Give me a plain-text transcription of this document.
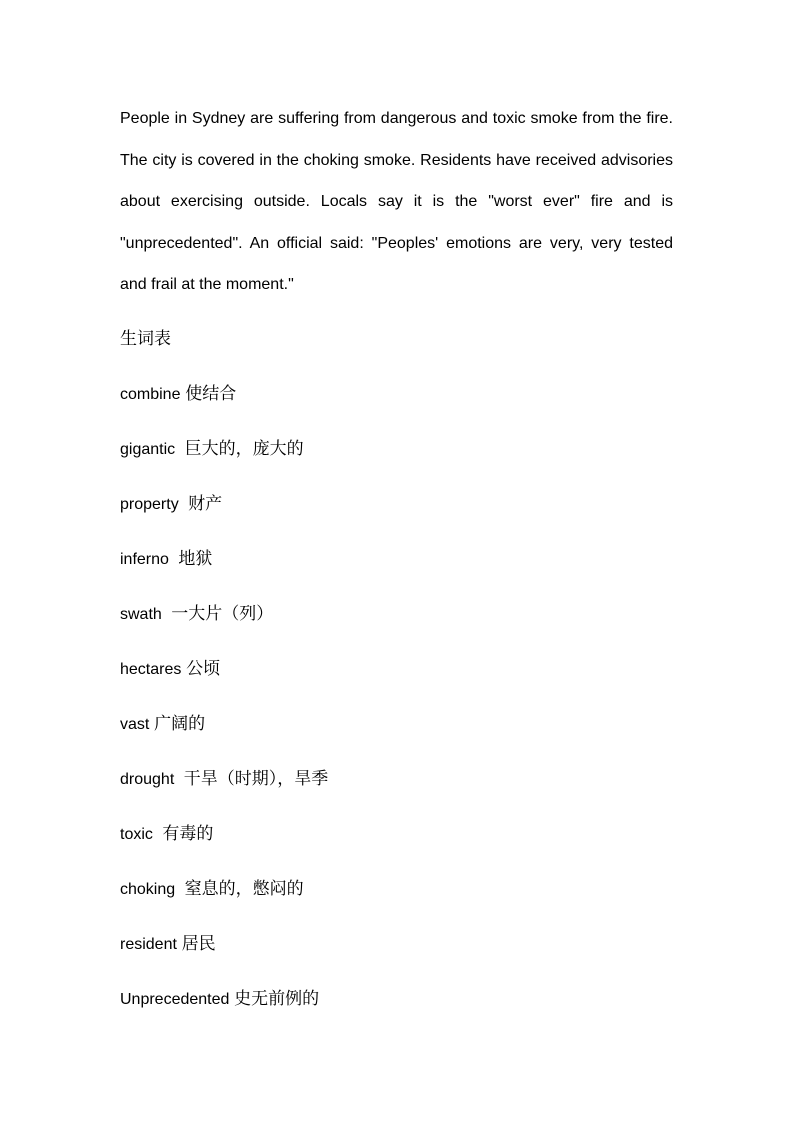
People in Sydney are suffering from dangerous and toxic smoke from the fire. The city is covered in the choking smoke. Residents have received advisories about exercising outside. Locals say it is the "worst ever" fire and is "unprecedented". An official said: "Peoples' emotions are very, very tested and frail at the moment."

生词表
combine 使结合
gigantic  巨大的，庞大的
property  财产
inferno  地狱
swath  一大片（列）
hectares 公顷
vast 广阔的
drought  干旱（时期），旱季
toxic  有毒的
choking  窒息的，憋闷的
resident 居民
Unprecedented 史无前例的
